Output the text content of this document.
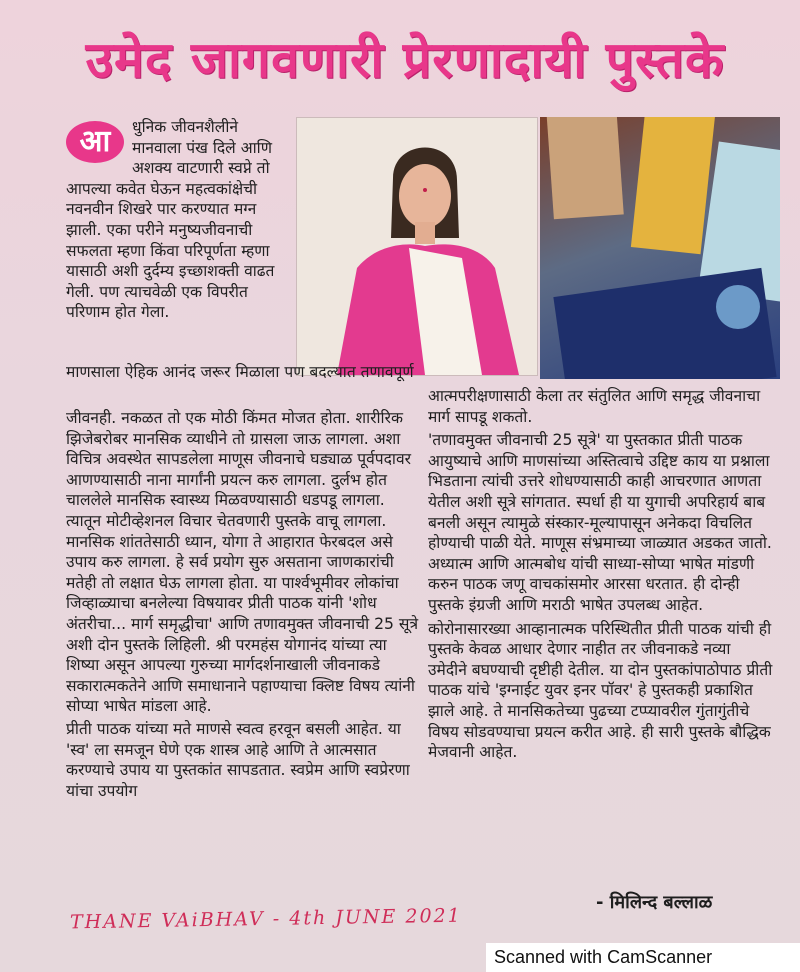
उमेद जागवणारी प्रेरणादायी पुस्तके
आ	धुनिक जीवनशैलीने मानवाला पंख दिले आणि अशक्य वाटणारी स्वप्ने तो आपल्या कवेत घेऊन महत्वकांक्षेची नवनवीन शिखरे पार करण्यात मग्न झाली. एका परीने मनुष्यजीवनाची सफलता म्हणा किंवा परिपूर्णता म्हणा यासाठी अशी दुर्दम्य इच्छाशक्ती वाढत गेली. पण त्याचवेळी एक विपरीत परिणाम होत गेला.
माणसाला ऐहिक आनंद जरूर मिळाला पण बदल्यात तणावपूर्ण

जीवनही. नकळत तो एक मोठी किंमत मोजत होता. शारीरिक झिजेबरोबर मानसिक व्याधीने तो ग्रासला जाऊ लागला. अशा विचित्र अवस्थेत सापडलेला माणूस जीवनाचे घड्याळ पूर्वपदावर आणण्यासाठी नाना मार्गांनी प्रयत्न करु लागला. दुर्लभ होत चाललेले मानसिक स्वास्थ्य मिळवण्यासाठी धडपडू लागला. त्यातून मोटीव्हेशनल विचार चेतवणारी पुस्तके वाचू लागला. मानसिक शांततेसाठी ध्यान, योगा ते आहारात फेरबदल असे उपाय करु लागला. हे सर्व प्रयोग सुरु असताना जाणकारांची मतेही तो लक्षात घेऊ लागला होता. या पार्श्वभूमीवर लोकांचा जिव्हाळ्याचा बनलेल्या विषयावर प्रीती पाठक यांनी 'शोध अंतरीचा... मार्ग समृद्धीचा' आणि तणावमुक्त जीवनाची 25 सूत्रे अशी दोन पुस्तके लिहिली. श्री परमहंस योगानंद यांच्या त्या शिष्या असून आपल्या गुरुच्या मार्गदर्शनाखाली जीवनाकडे सकारात्मकतेने आणि समाधानाने पहाण्याचा क्लिष्ट विषय त्यांनी सोप्या भाषेत मांडला आहे.

प्रीती पाठक यांच्या मते माणसे स्वत्व हरवून बसली आहेत. या 'स्व' ला समजून घेणे एक शास्त्र आहे आणि ते आत्मसात करण्याचे उपाय या पुस्तकांत सापडतात. स्वप्रेम आणि स्वप्रेरणा यांचा उपयोग

आत्मपरीक्षणासाठी केला तर संतुलित आणि समृद्ध जीवनाचा मार्ग सापडू शकतो.

'तणावमुक्त जीवनाची 25 सूत्रे' या पुस्तकात प्रीती पाठक आयुष्याचे आणि माणसांच्या अस्तित्वाचे उद्दिष्ट काय या प्रश्नाला भिडताना त्यांची उत्तरे शोधण्यासाठी काही आचरणात आणता येतील अशी सूत्रे सांगतात. स्पर्धा ही या युगाची अपरिहार्य बाब बनली असून त्यामुळे संस्कार-मूल्यापासून अनेकदा विचलित होण्याची पाळी येते. माणूस संभ्रमाच्या जाळ्यात अडकत जातो. अध्यात्म आणि आत्मबोध यांची साध्या-सोप्या भाषेत मांडणी करुन पाठक जणू वाचकांसमोर आरसा धरतात. ही दोन्ही पुस्तके इंग्रजी आणि मराठी भाषेत उपलब्ध आहेत.

कोरोनासारख्या आव्हानात्मक परिस्थितीत प्रीती पाठक यांची ही पुस्तके केवळ आधार देणार नाहीत तर जीवनाकडे नव्या उमेदीने बघण्याची दृष्टीही देतील. या दोन पुस्तकांपाठोपाठ प्रीती पाठक यांचे 'इग्नाईट युवर इनर पॉवर' हे पुस्तकही प्रकाशित झाले आहे. ते मानसिकतेच्या पुढच्या टप्प्यावरील गुंतागुंतीचे विषय सोडवण्याचा प्रयत्न करीत आहे. ही सारी पुस्तके बौद्धिक मेजवानी आहेत.

- मिलिन्द बल्लाळ
THANE VAiBHAV - 4th JUNE 2021
Scanned with CamScanner
